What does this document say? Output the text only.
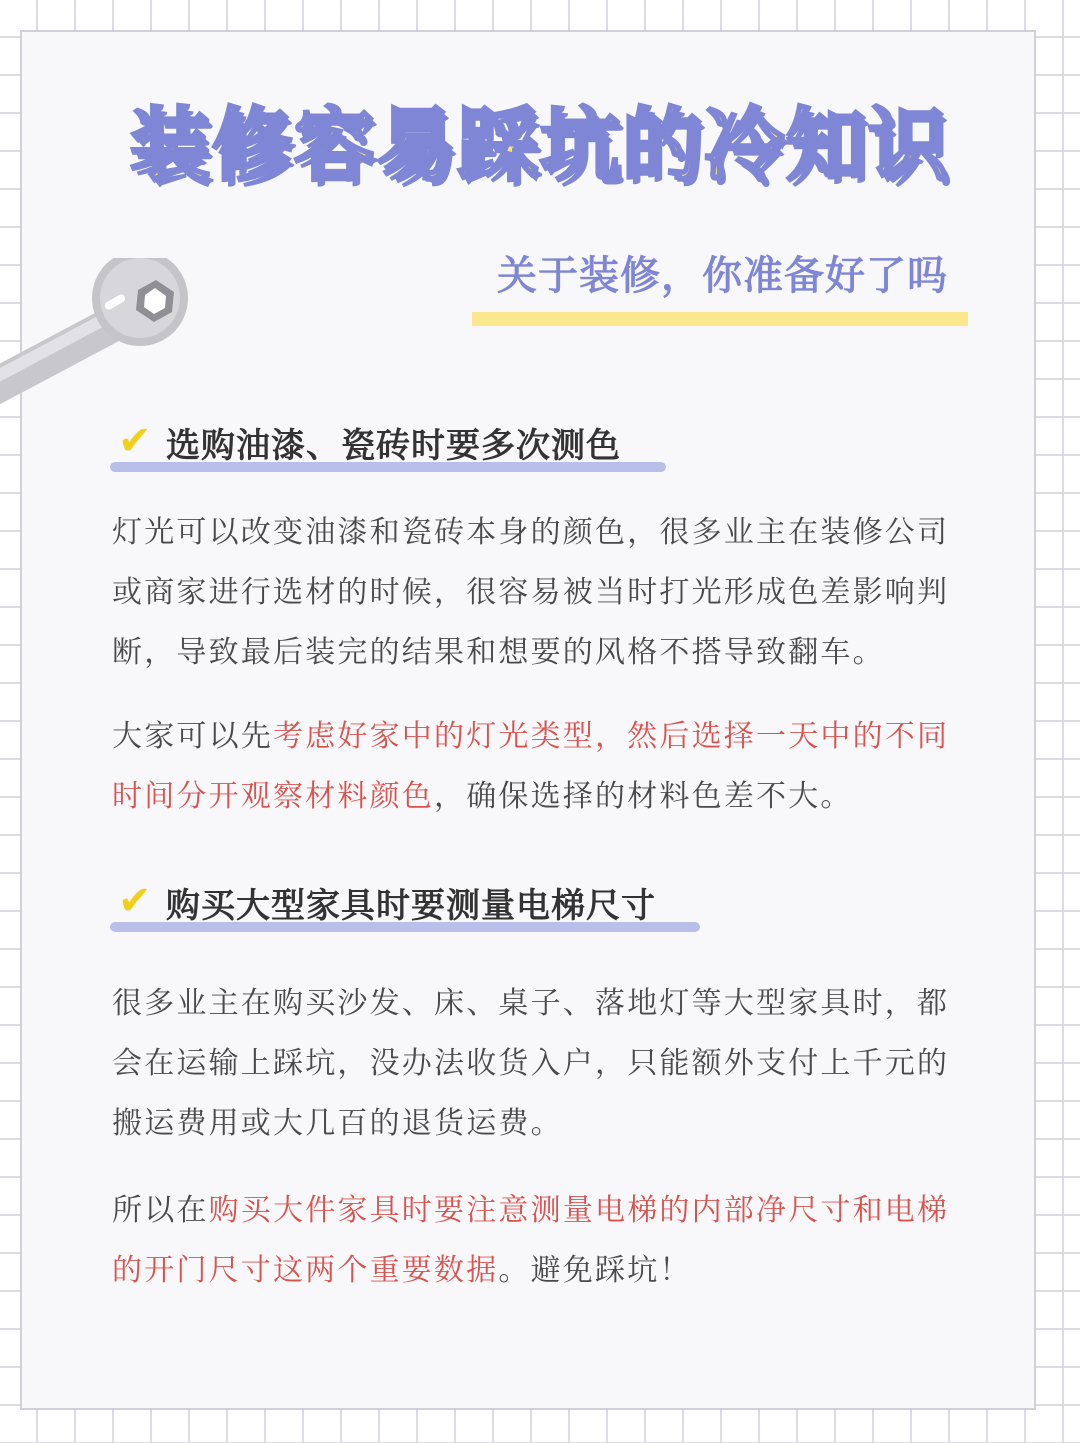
装修容易踩坑的冷知识

关于装修，你准备好了吗

✔ 选购油漆、瓷砖时要多次测色

灯光可以改变油漆和瓷砖本身的颜色，很多业主在装修公司或商家进行选材的时候，很容易被当时打光形成色差影响判断，导致最后装完的结果和想要的风格不搭导致翻车。

大家可以先考虑好家中的灯光类型，然后选择一天中的不同时间分开观察材料颜色，确保选择的材料色差不大。

✔ 购买大型家具时要测量电梯尺寸

很多业主在购买沙发、床、桌子、落地灯等大型家具时，都会在运输上踩坑，没办法收货入户，只能额外支付上千元的搬运费用或大几百的退货运费。

所以在购买大件家具时要注意测量电梯的内部净尺寸和电梯的开门尺寸这两个重要数据。避免踩坑！
